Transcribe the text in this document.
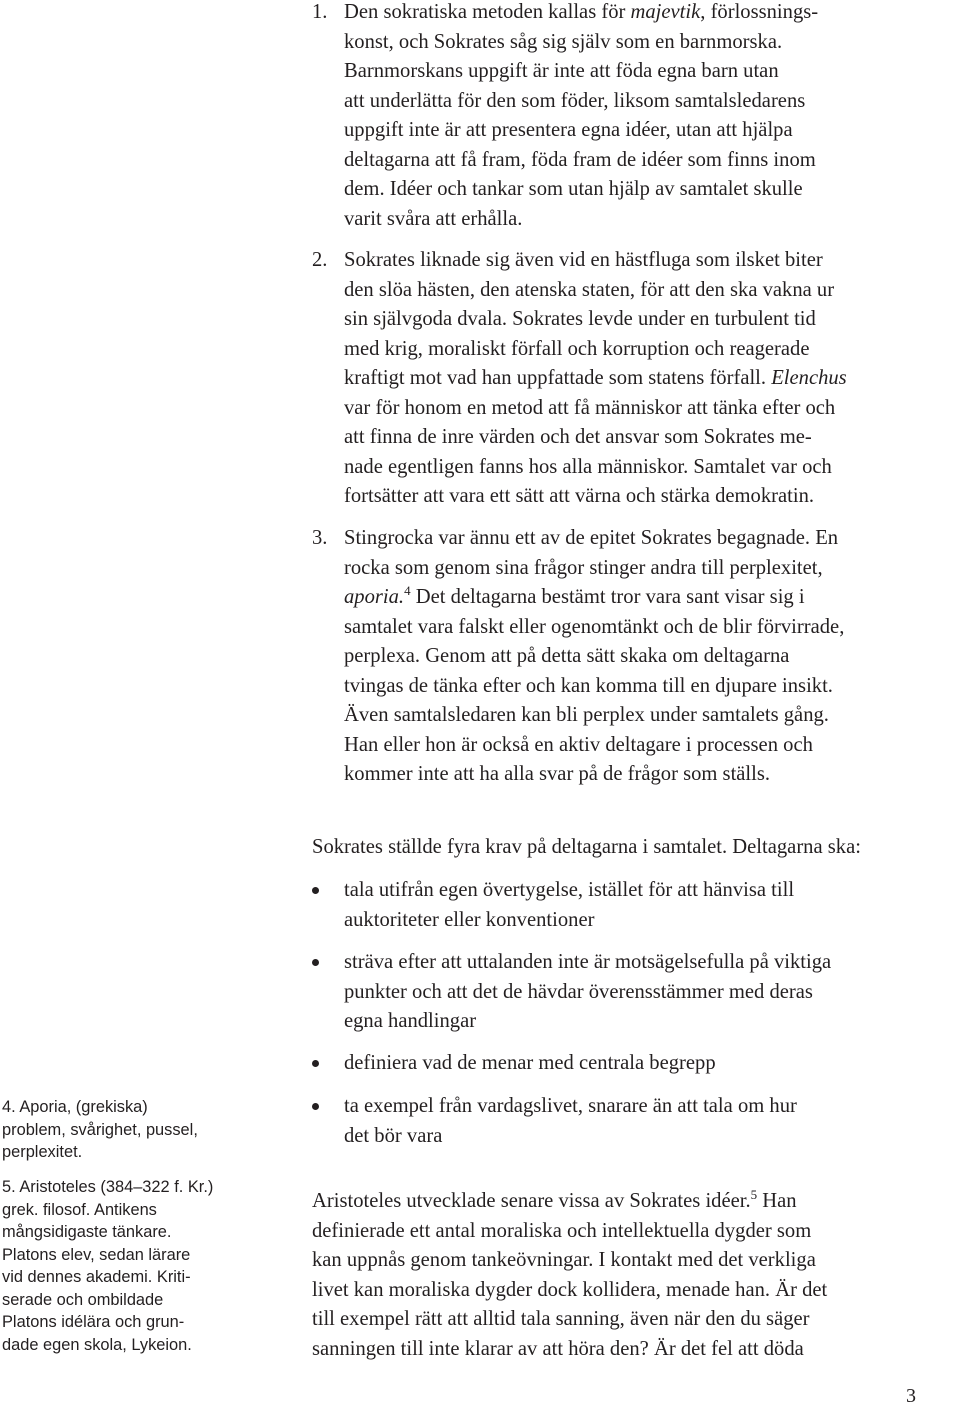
1. Den sokratiska metoden kallas för majevtik, förlossnings-
konst, och Sokrates såg sig själv som en barnmorska.
Barnmorskans uppgift är inte att föda egna barn utan
att underlätta för den som föder, liksom samtalsledarens
uppgift inte är att presentera egna idéer, utan att hjälpa
deltagarna att få fram, föda fram de idéer som finns inom
dem. Idéer och tankar som utan hjälp av samtalet skulle
varit svåra att erhålla.
2. Sokrates liknade sig även vid en hästfluga som ilsket biter
den slöa hästen, den atenska staten, för att den ska vakna ur
sin självgoda dvala. Sokrates levde under en turbulent tid
med krig, moraliskt förfall och korruption och reagerade
kraftigt mot vad han uppfattade som statens förfall. Elenchus
var för honom en metod att få människor att tänka efter och
att finna de inre värden och det ansvar som Sokrates me-
nade egentligen fanns hos alla människor. Samtalet var och
fortsätter att vara ett sätt att värna och stärka demokratin.
3. Stingrocka var ännu ett av de epitet Sokrates begagnade. En
rocka som genom sina frågor stinger andra till perplexitet,
aporia.$^4$ Det deltagarna bestämt tror vara sant visar sig i
samtalet vara falskt eller ogenomtänkt och de blir förvirrade,
perplexa. Genom att på detta sätt skaka om deltagarna
tvingas de tänka efter och kan komma till en djupare insikt.
Även samtalsledaren kan bli perplex under samtalets gång.
Han eller hon är också en aktiv deltagare i processen och
kommer inte att ha alla svar på de frågor som ställs.

Sokrates ställde fyra krav på deltagarna i samtalet. Deltagarna ska:

tala utifrån egen övertygelse, istället för att hänvisa till
auktoriteter eller konventioner
sträva efter att uttalanden inte är motsägelsefulla på viktiga
punkter och att det de hävdar överensstämmer med deras
egna handlingar
definiera vad de menar med centrala begrepp
ta exempel från vardagslivet, snarare än att tala om hur
det bör vara
Aristoteles utvecklade senare vissa av Sokrates idéer.$^5$ Han
definierade ett antal moraliska och intellektuella dygder som
kan uppnås genom tankeövningar. I kontakt med det verkliga
livet kan moraliska dygder dock kollidera, menade han. Är det
till exempel rätt att alltid tala sanning, även när den du säger
sanningen till inte klarar av att höra den? Är det fel att döda
4. Aporia, (grekiska)
problem, svårighet, pussel,
perplexitet.
5. Aristoteles (384–322 f. Kr.)
grek. filosof. Antikens
mångsidigaste tänkare.
Platons elev, sedan lärare
vid dennes akademi. Kriti-
serade och ombildade
Platons idélära och grun-
dade egen skola, Lykeion.
3
